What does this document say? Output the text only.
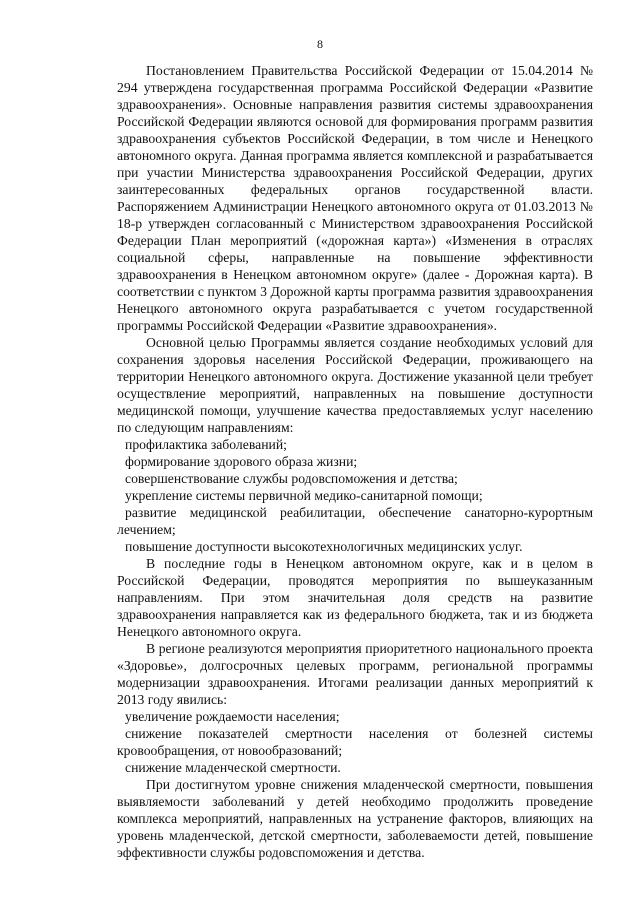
8

Постановлением Правительства Российской Федерации от 15.04.2014 № 294 утверждена государственная программа Российской Федерации «Развитие здравоохранения». Основные направления развития системы здравоохранения Российской Федерации являются основой для формирования программ развития здравоохранения субъектов Российской Федерации, в том числе и Ненецкого автономного округа. Данная программа является комплексной и разрабатывается при участии Министерства здравоохранения Российской Федерации, других заинтересованных федеральных органов государственной власти. Распоряжением Администрации Ненецкого автономного округа от 01.03.2013 № 18-р утвержден согласованный с Министерством здравоохранения Российской Федерации План мероприятий («дорожная карта») «Изменения в отраслях социальной сферы, направленные на повышение эффективности здравоохранения в Ненецком автономном округе» (далее - Дорожная карта). В соответствии с пунктом 3 Дорожной карты программа развития здравоохранения Ненецкого автономного округа разрабатывается с учетом государственной программы Российской Федерации «Развитие здравоохранения».

Основной целью Программы является создание необходимых условий для сохранения здоровья населения Российской Федерации, проживающего на территории Ненецкого автономного округа. Достижение указанной цели требует осуществление мероприятий, направленных на повышение доступности медицинской помощи, улучшение качества предоставляемых услуг населению по следующим направлениям:

профилактика заболеваний;

формирование здорового образа жизни;

совершенствование службы родовспоможения и детства;

укрепление системы первичной медико-санитарной помощи;

развитие медицинской реабилитации, обеспечение санаторно-курортным лечением;

повышение доступности высокотехнологичных медицинских услуг.

В последние годы в Ненецком автономном округе, как и в целом в Российской Федерации, проводятся мероприятия по вышеуказанным направлениям. При этом значительная доля средств на развитие здравоохранения направляется как из федерального бюджета, так и из бюджета Ненецкого автономного округа.

В регионе реализуются мероприятия приоритетного национального проекта «Здоровье», долгосрочных целевых программ, региональной программы модернизации здравоохранения. Итогами реализации данных мероприятий к 2013 году явились:

увеличение рождаемости населения;

снижение показателей смертности населения от болезней системы кровообращения, от новообразований;

снижение младенческой смертности.

При достигнутом уровне снижения младенческой смертности, повышения выявляемости заболеваний у детей необходимо продолжить проведение комплекса мероприятий, направленных на устранение факторов, влияющих на уровень младенческой, детской смертности, заболеваемости детей, повышение эффективности службы родовспоможения и детства.
